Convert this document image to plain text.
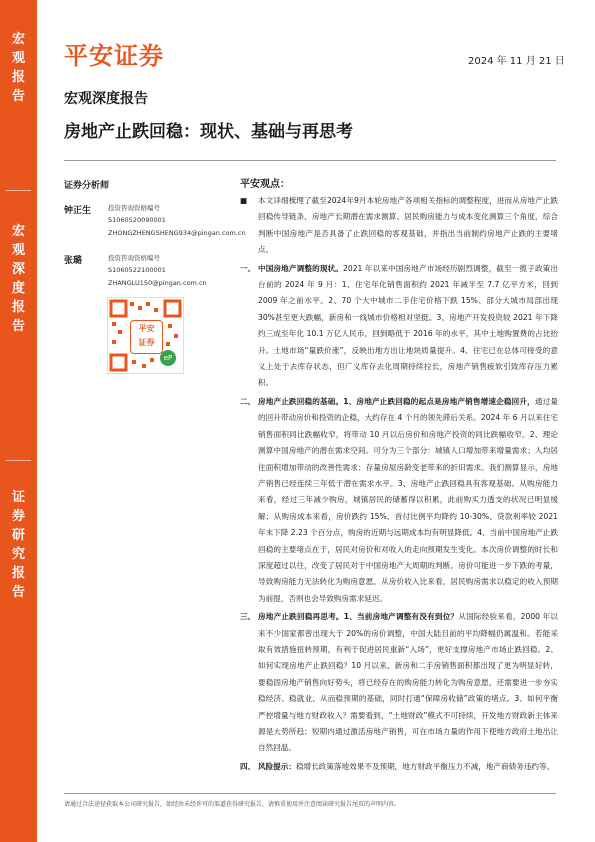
宏
观
报
告
宏
观
深
度
报
告
证
券
研
究
报
告
平安证券	2024 年 11 月 21 日
宏观深度报告
房地产止跌回稳：现状、基础与再思考
证券分析师
钟正生	投资咨询资格编号
S1060520090001
ZHONGZHENGSHENG934@pingan.com.cn
张璐	投资咨询资格编号
S1060522100001
ZHANGLU150@pingan.com.cn
平安
证券
eP
平安观点：
■ 本文详细梳理了截至2024年9月本轮房地产各项相关指标的调整程度，进而从房地产止跌回稳传导链条、房地产长期潜在需求测算、居民购房能力与成本变化测算三个角度，综合判断中国房地产是否具备了止跌回稳的客观基础，并指出当前制约房地产止跌的主要堵点。
一、 中国房地产调整的现状。2021 年以来中国房地产市场经历剧烈调整，截至一揽子政策出台前的 2024 年 9 月：1、住宅年化销售面积约 2021 年减半至 7.7 亿平方米，回到 2009 年之前水平。2、70 个大中城市二手住宅价格下跌 15%、部分大城市局部出现 30%甚至更大跌幅，新房和一线城市价格相对坚挺。3、房地产开发投资较 2021 年下降约三成至年化 10.1 万亿人民币，回到略低于 2016 年的水平，其中土地购置费的占比抬升。土地市场“量跌价涨”，反映出地方出让地块质量提升。4、住宅已在总体可接受的意义上处于去库存状态，但广义库存去化周期持续拉长，房地产销售疲软引致库存压力累积。
二、 房地产止跌回稳的基础。1、房地产止跌回稳的起点是房地产销售增速企稳回升，通过量的回升带动房价和投资的企稳，大约存在 4 个月的领先滞后关系。2024 年 6 月以来住宅销售面积同比跌幅收窄，将带动 10 月以后房价和房地产投资的同比跌幅收窄。2、理论测算中国房地产的潜在需求空间。可分为三个部分：城镇人口增加带来增量需求；人均居住面积增加带动的改善性需求；存量房屋房龄变老带来的折旧需求。我们测算显示，房地产销售已经连续三年低于潜在需求水平。3、房地产止跌回稳具有客观基础。从购房能力来看，经过三年减少购房，城镇居民的储蓄得以积累，此前购买力透支的状况已明显缓解；从购房成本来看，房价跌约 15%、首付比例平均降约 10-30%、贷款利率较 2021 年末下降 2.23 个百分点，购房的近期与远期成本均有明显降低。4、当前中国房地产止跌回稳的主要堵点在于，居民对房价和对收入的走向预期发生变化。本次房价调整的时长和深度超过以往，改变了居民对于中国房地产大周期的判断。房价可能进一步下跌的考量，导致购房能力无法转化为购房意愿。从房价收入比来看，居民购房需求以稳定的收入预期为前提，否则也会导致购房需求延迟。
三、 房地产止跌回稳再思考。1、当前房地产调整有没有到位？从国际经验来看，2000 年以来不少国家都曾出现大于 20%的房价调整，中国大陆目前的平均降幅仍属温和。若能采取有效措施扭转预期，有利于促进居民重新“入场”，更好支撑房地产市场止跌回稳。2、如何实现房地产止跌回稳？10 月以来，新房和二手房销售面积都出现了更为明显好转，要稳固房地产销售向好势头，将已经存在的购房能力转化为购房意愿，还需要进一步夯实稳经济、稳就业、从而稳预期的基础，同时打通“保障房收储”政策的堵点。3、如何平衡严控增量与地方财政收入？需要看到，“土地财政”模式不可持续，开发地方财政新主体来源是大势所趋；短期内通过激活房地产销售，可在市场力量的作用下使地方政府土地出让自然回温。
四、 风险提示：稳增长政策落地效果不及预期，地方财政平衡压力不减，地产商债务违约等。
请通过合法途径获取本公司研究报告，如经由未经许可的渠道获得研究报告，请慎重使用并注意阅读研究报告尾页的声明内容。
